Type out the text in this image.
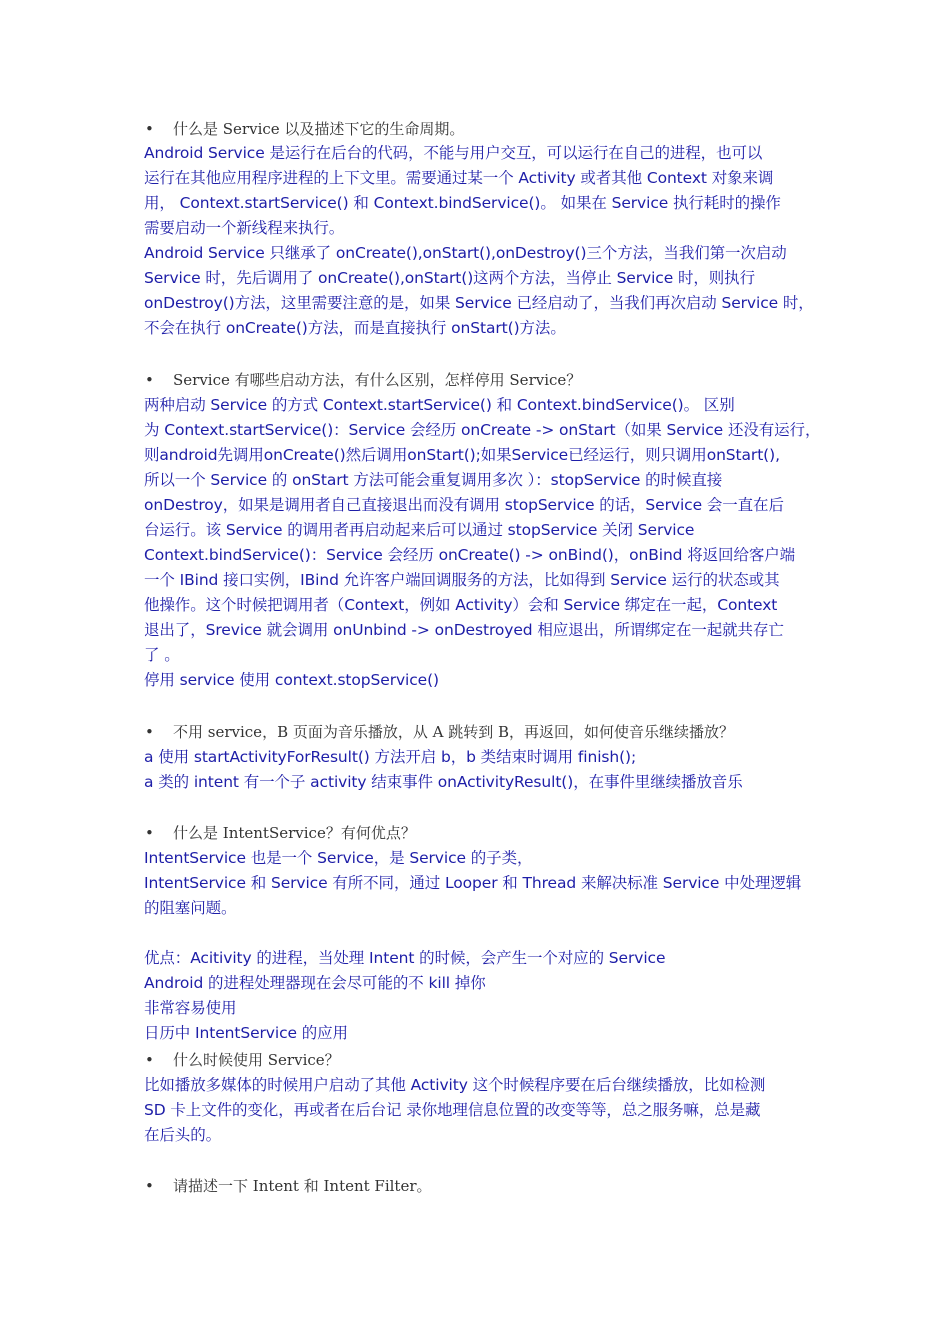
• 什么是 Service 以及描述下它的生命周期。
Android Service 是运行在后台的代码，不能与用户交互，可以运行在自己的进程，也可以
运行在其他应用程序进程的上下文里。需要通过某一个 Activity 或者其他 Context 对象来调
用， Context.startService() 和 Context.bindService()。 如果在 Service 执行耗时的操作
需要启动一个新线程来执行。
Android Service 只继承了 onCreate(),onStart(),onDestroy()三个方法，当我们第一次启动
Service 时，先后调用了 onCreate(),onStart()这两个方法，当停止 Service 时，则执行
onDestroy()方法，这里需要注意的是，如果 Service 已经启动了，当我们再次启动 Service 时，
不会在执行 onCreate()方法，而是直接执行 onStart()方法。
• Service 有哪些启动方法，有什么区别，怎样停用 Service？
两种启动 Service 的方式 Context.startService() 和 Context.bindService()。 区别
为 Context.startService()：Service 会经历 onCreate -> onStart（如果 Service 还没有运行，
则android先调用onCreate()然后调用onStart();如果Service已经运行，则只调用onStart(),
所以一个 Service 的 onStart 方法可能会重复调用多次 ）：stopService 的时候直接
onDestroy，如果是调用者自己直接退出而没有调用 stopService 的话，Service 会一直在后
台运行。该 Service 的调用者再启动起来后可以通过 stopService 关闭 Service
Context.bindService()：Service 会经历 onCreate() -> onBind()，onBind 将返回给客户端
一个 IBind 接口实例，IBind 允许客户端回调服务的方法，比如得到 Service 运行的状态或其
他操作。这个时候把调用者（Context，例如 Activity）会和 Service 绑定在一起，Context
退出了，Srevice 就会调用 onUnbind -> onDestroyed 相应退出，所谓绑定在一起就共存亡
了 。
停用 service 使用 context.stopService()
• 不用 service，B 页面为音乐播放，从 A 跳转到 B，再返回，如何使音乐继续播放？
a 使用 startActivityForResult() 方法开启 b，b 类结束时调用 finish();
a 类的 intent 有一个子 activity 结束事件 onActivityResult()，在事件里继续播放音乐
• 什么是 IntentService？有何优点？
IntentService 也是一个 Service，是 Service 的子类，
IntentService 和 Service 有所不同，通过 Looper 和 Thread 来解决标准 Service 中处理逻辑
的阻塞问题。
优点：Acitivity 的进程，当处理 Intent 的时候，会产生一个对应的 Service
Android 的进程处理器现在会尽可能的不 kill 掉你
非常容易使用
日历中 IntentService 的应用
• 什么时候使用 Service？
比如播放多媒体的时候用户启动了其他 Activity 这个时候程序要在后台继续播放，比如检测
SD 卡上文件的变化，再或者在后台记 录你地理信息位置的改变等等，总之服务嘛，总是藏
在后头的。
• 请描述一下 Intent 和 Intent Filter。
